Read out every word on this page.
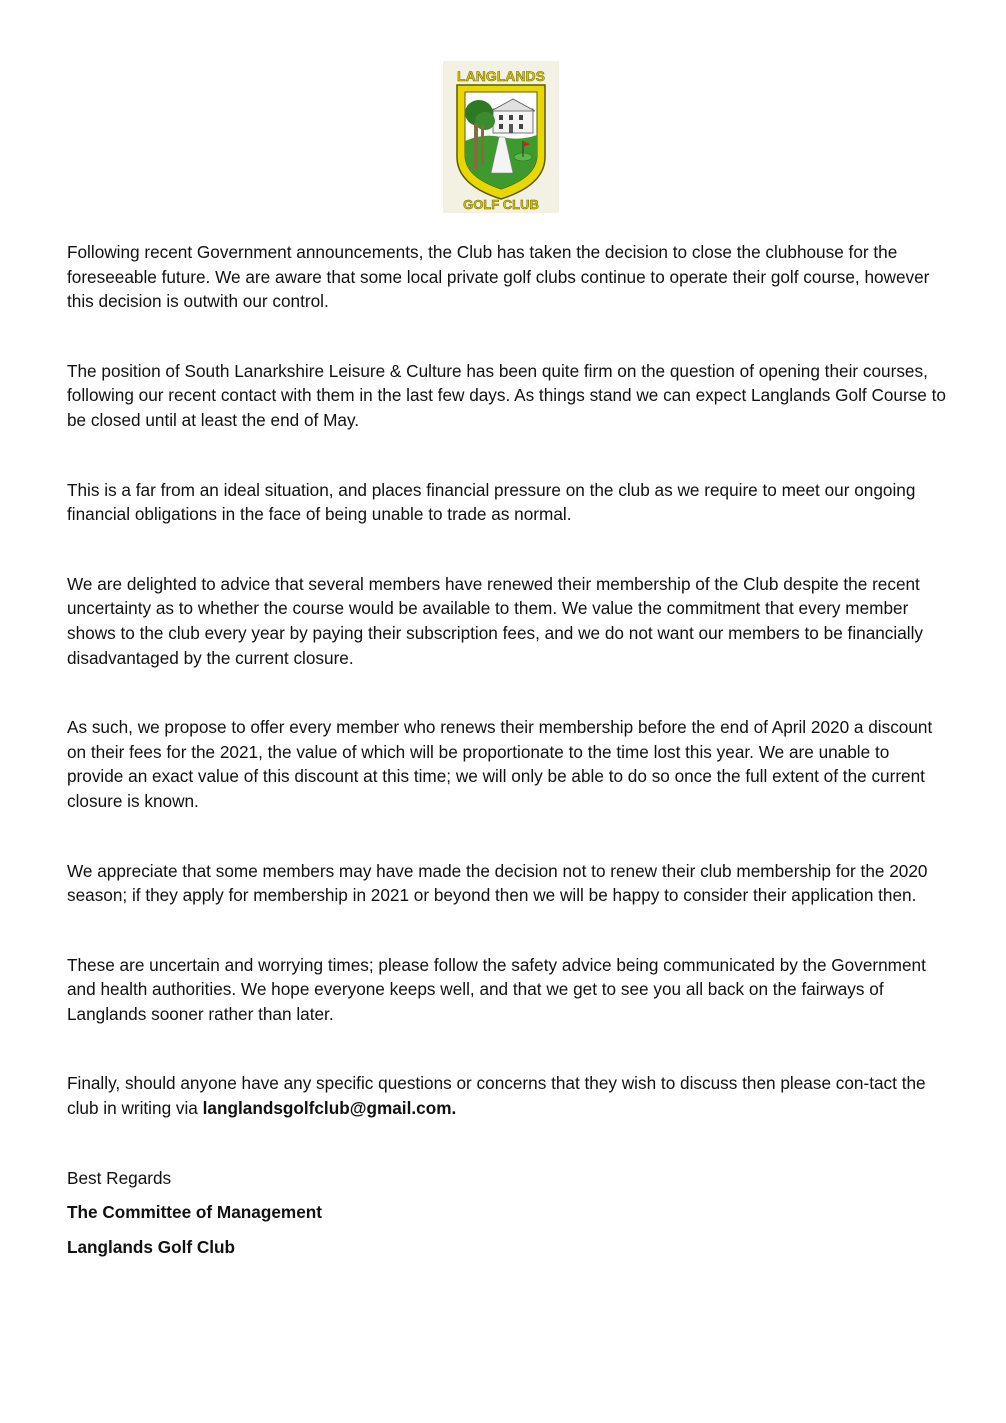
LANGLANDS
GOLF CLUB

Following recent Government announcements, the Club has taken the decision to close the clubhouse for the foreseeable future. We are aware that some local private golf clubs continue to operate their golf course, however this decision is outwith our control.

The position of South Lanarkshire Leisure & Culture has been quite firm on the question of opening their courses, following our recent contact with them in the last few days. As things stand we can expect Langlands Golf Course to be closed until at least the end of May.

This is a far from an ideal situation, and places financial pressure on the club as we require to meet our ongoing financial obligations in the face of being unable to trade as normal.

We are delighted to advice that several members have renewed their membership of the Club despite the recent uncertainty as to whether the course would be available to them. We value the commitment that every member shows to the club every year by paying their subscription fees, and we do not want our members to be financially disadvantaged by the current closure.

As such, we propose to offer every member who renews their membership before the end of April 2020 a discount on their fees for the 2021, the value of which will be proportionate to the time lost this year. We are unable to provide an exact value of this discount at this time; we will only be able to do so once the full extent of the current closure is known.

We appreciate that some members may have made the decision not to renew their club membership for the 2020 season; if they apply for membership in 2021 or beyond then we will be happy to consider their application then.

These are uncertain and worrying times; please follow the safety advice being communicated by the Government and health authorities. We hope everyone keeps well, and that we get to see you all back on the fairways of Langlands sooner rather than later.

Finally, should anyone have any specific questions or concerns that they wish to discuss then please con-tact the club in writing via langlandsgolfclub@gmail.com.

Best Regards

The Committee of Management

Langlands Golf Club
